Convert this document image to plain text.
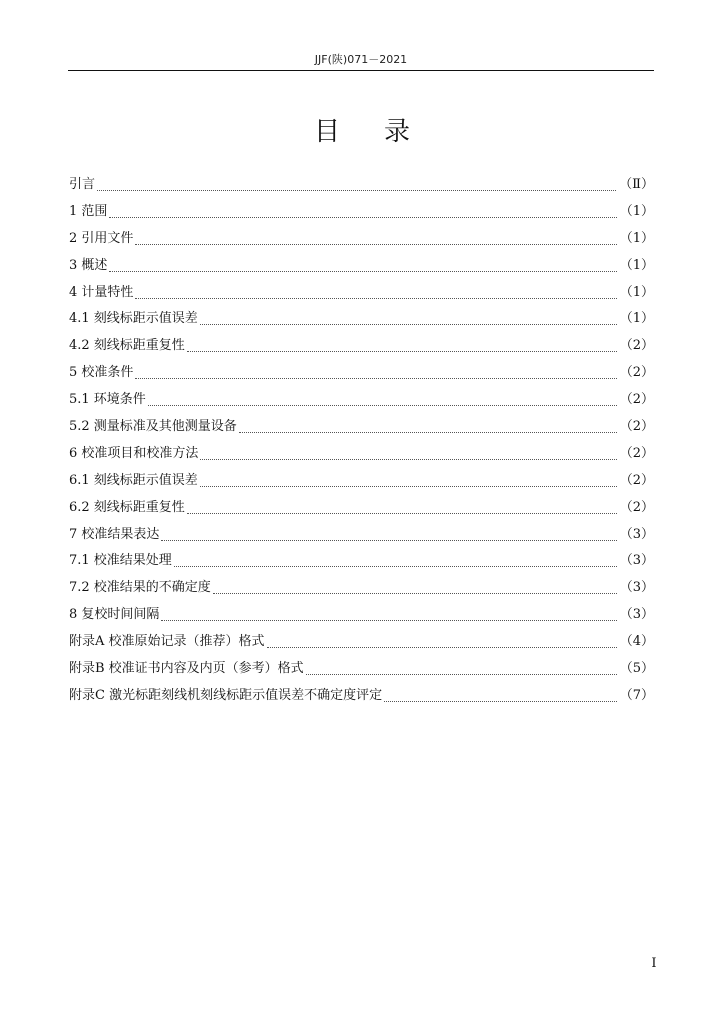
JJF(陕)071－2021
目录
引言	（Ⅱ）
1 范围	（1）
2 引用文件	（1）
3 概述	（1）
4 计量特性	（1）
4.1 刻线标距示值误差	（1）
4.2 刻线标距重复性	（2）
5 校准条件	（2）
5.1 环境条件	（2）
5.2 测量标准及其他测量设备	（2）
6 校准项目和校准方法	（2）
6.1 刻线标距示值误差	（2）
6.2 刻线标距重复性	（2）
7 校准结果表达	（3）
7.1 校准结果处理	（3）
7.2 校准结果的不确定度	（3）
8 复校时间间隔	（3）
附录A 校准原始记录（推荐）格式	（4）
附录B 校准证书内容及内页（参考）格式	（5）
附录C 激光标距刻线机刻线标距示值误差不确定度评定	（7）
I
